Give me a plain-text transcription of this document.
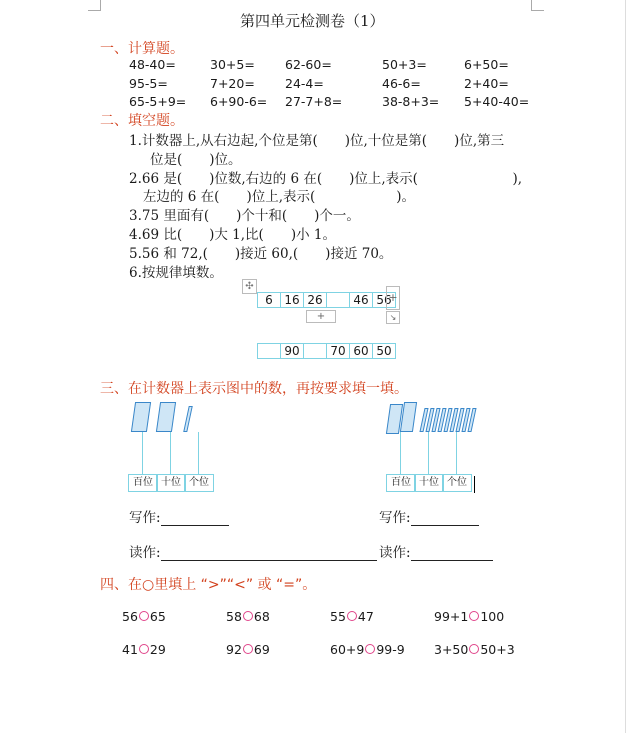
第四单元检测卷（1）
一、计算题。
48-40=	30+5= 62-60=	50+3=	6+50=
95-5=	7+20= 24-4=	46-6=	2+40=
65-5+9= 6+90-6= 27-7+8=	38-8+3= 5+40-40=
二、填空题。
1.计数器上,从右边起,个位是第(　　)位,十位是第(　　)位,第三
位是(　　)位。
2.66 是(　　)位数,右边的 6 在(　　)位上,表示(　　　　　　　),
左边的 6 在(　　)位上,表示(　　　　　　)。
3.75 里面有(　　)个十和(　　)个一。
4.69 比(　　)大 1,比(　　)小 1。
5.56 和 72,(　　)接近 60,(　　)接近 70。
6.按规律填数。
✣
6	16	26		46	56
+
+	↘
	90		70	60	50
三、在计数器上表示图中的数，再按要求填一填。
百位 十位 个位	百位 十位 个位
写作:	写作:
读作:	读作:
四、在○里填上 “>”“<” 或 “=”。
56 65	58 68	55 47	99+1 100
41 29	92 69	60+9 99-9 3+50 50+3
